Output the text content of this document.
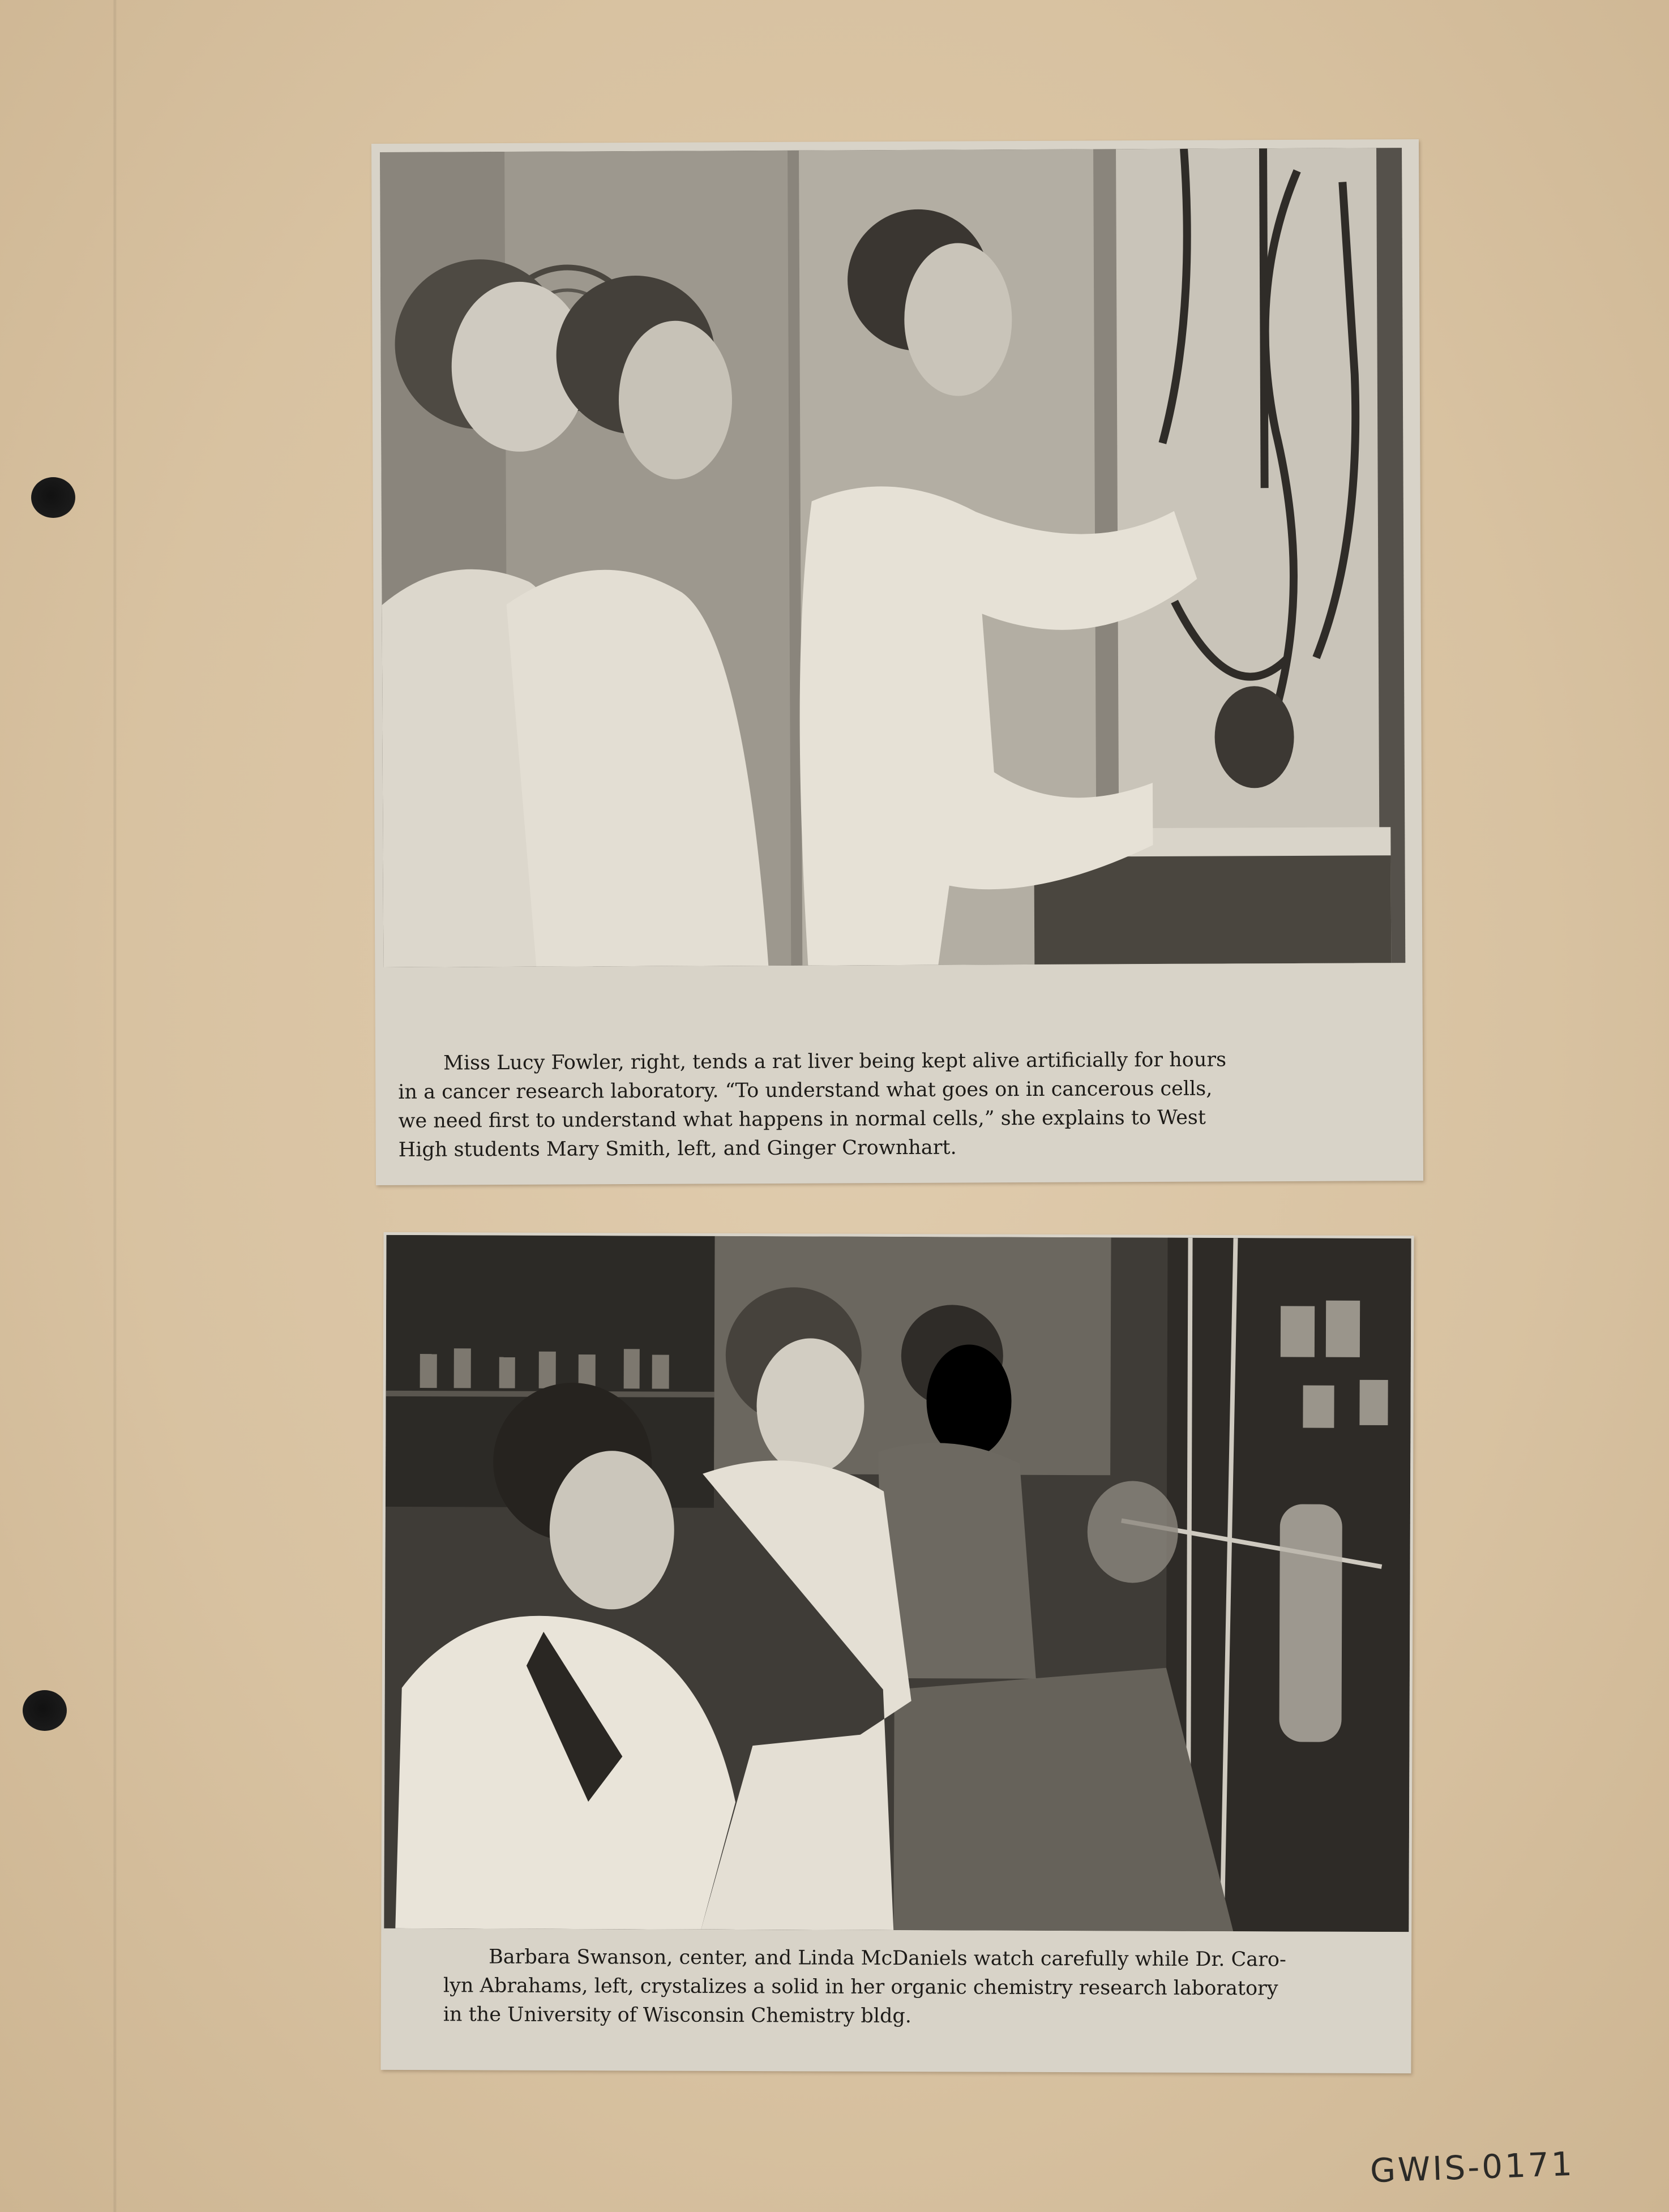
Miss Lucy Fowler, right, tends a rat liver being kept alive artificially for hours
in a cancer research laboratory. “To understand what goes on in cancerous cells,
we need first to understand what happens in normal cells,” she explains to West
High students Mary Smith, left, and Ginger Crownhart.
Barbara Swanson, center, and Linda McDaniels watch carefully while Dr. Caro-
lyn Abrahams, left, crystalizes a solid in her organic chemistry research laboratory
in the University of Wisconsin Chemistry bldg.
GWIS-0171
